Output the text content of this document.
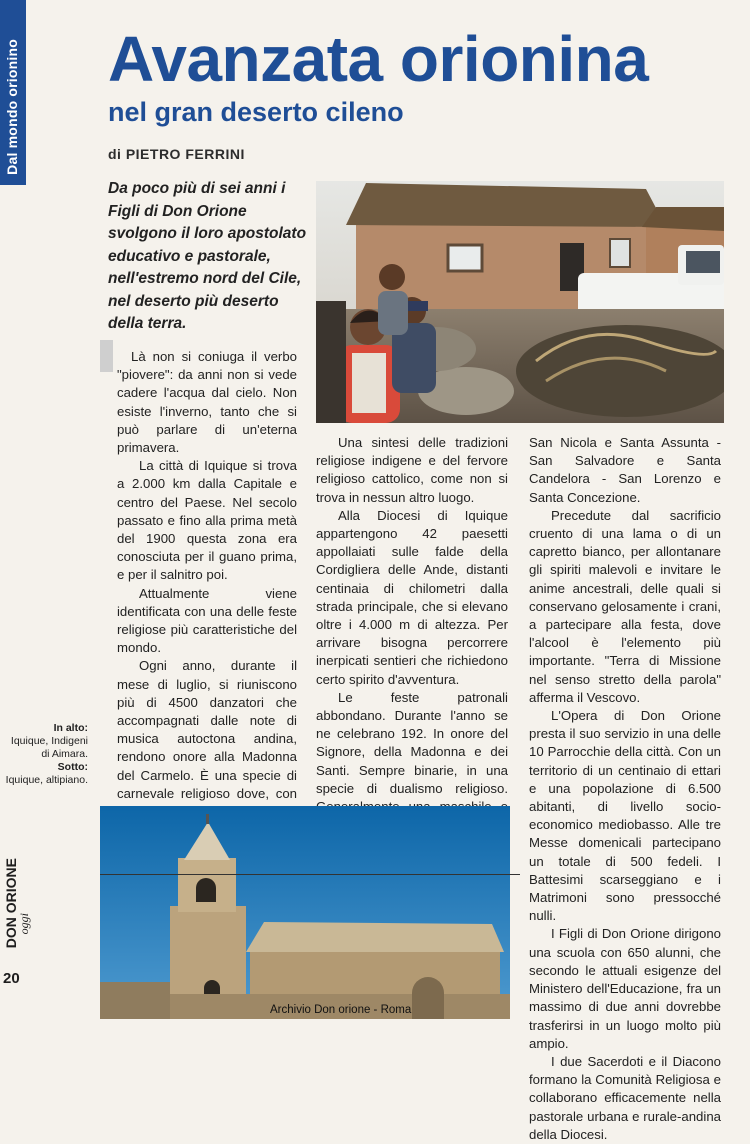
Dal mondo orionino Avanzata orionina
nel gran deserto cileno
di PIETRO FERRINI

Da poco più di sei anni i Figli di Don Orione svolgono il loro apostolato educativo e pastorale, nell'estremo nord del Cile, nel deserto più deserto della terra.

Là non si coniuga il verbo "piovere": da anni non si vede cadere l'acqua dal cielo. Non esiste l'inverno, tanto che si può parlare di un'eterna primavera.

La città di Iquique si trova a 2.000 km dalla Capitale e centro del Paese. Nel secolo passato e fino alla prima metà del 1900 questa zona era conosciuta per il guano prima, e per il salnitro poi.

Attualmente viene identificata con una delle feste religiose più caratteristiche del mondo.

Ogni anno, durante il mese di luglio, si riuniscono più di 4500 danzatori che accompagnati dalle note di musica autoctona andina, rendono onore alla Madonna del Carmelo. È una specie di carnevale religioso dove, con

Una sintesi delle tradizioni religiose indigene e del fervore religioso cattolico, come non si trova in nessun altro luogo.

Alla Diocesi di Iquique appartengono 42 paesetti appollaiati sulle falde della Cordigliera delle Ande, distanti centinaia di chilometri dalla strada principale, che si elevano oltre i 4.000 m di altezza. Per arrivare bisogna percorrere inerpicati sentieri che richiedono certo spirito d'avventura.

Le feste patronali abbondano. Durante l'anno se ne celebrano 192. In onore del Signore, della Madonna e dei Santi. Sempre binarie, in una specie di dualismo religioso.

San Nicola e Santa Assunta - San Salvadore e Santa Candelora - San Lorenzo e Santa Concezione.

Precedute dal sacrificio cruento di una lama o di un capretto bianco, per allontanare gli spiriti malevoli e invitare le anime ancestrali, delle quali si conservano gelosamente i crani, a partecipare alla festa, dove l'alcool è l'elemento più importante. "Terra di Missione nel senso stretto della parola" afferma il Vescovo.

L'Opera di Don Orione presta il suo servizio in una delle 10 Parrocchie della città. Con un territorio di un centinaio di ettari e una popolazione di 6.500 abitanti, di livello socio-economico mediobasso. Alle tre Messe domenicali partecipano un totale di 500 fedeli. I Battesimi scarseggiano e i Matrimoni sono pressocché nulli.

I Figli di Don Orione dirigono una scuola con 650 alunni, che secondo le attuali esigenze del Ministero dell'Educazione, fra un massimo di due anni dovrebbe trasferirsi in un luogo molto più ampio.

I due Sacerdoti e il Diacono formano la Comunità Religiosa e collaborano efficacemente nella pastorale urbana e rurale-andina della Diocesi.

In alto:
Iquique, Indigeni di Aimara.
Sotto:
Iquique, altipiano.
DON ORIONE
oggi
20
Archivio Don orione - Roma
